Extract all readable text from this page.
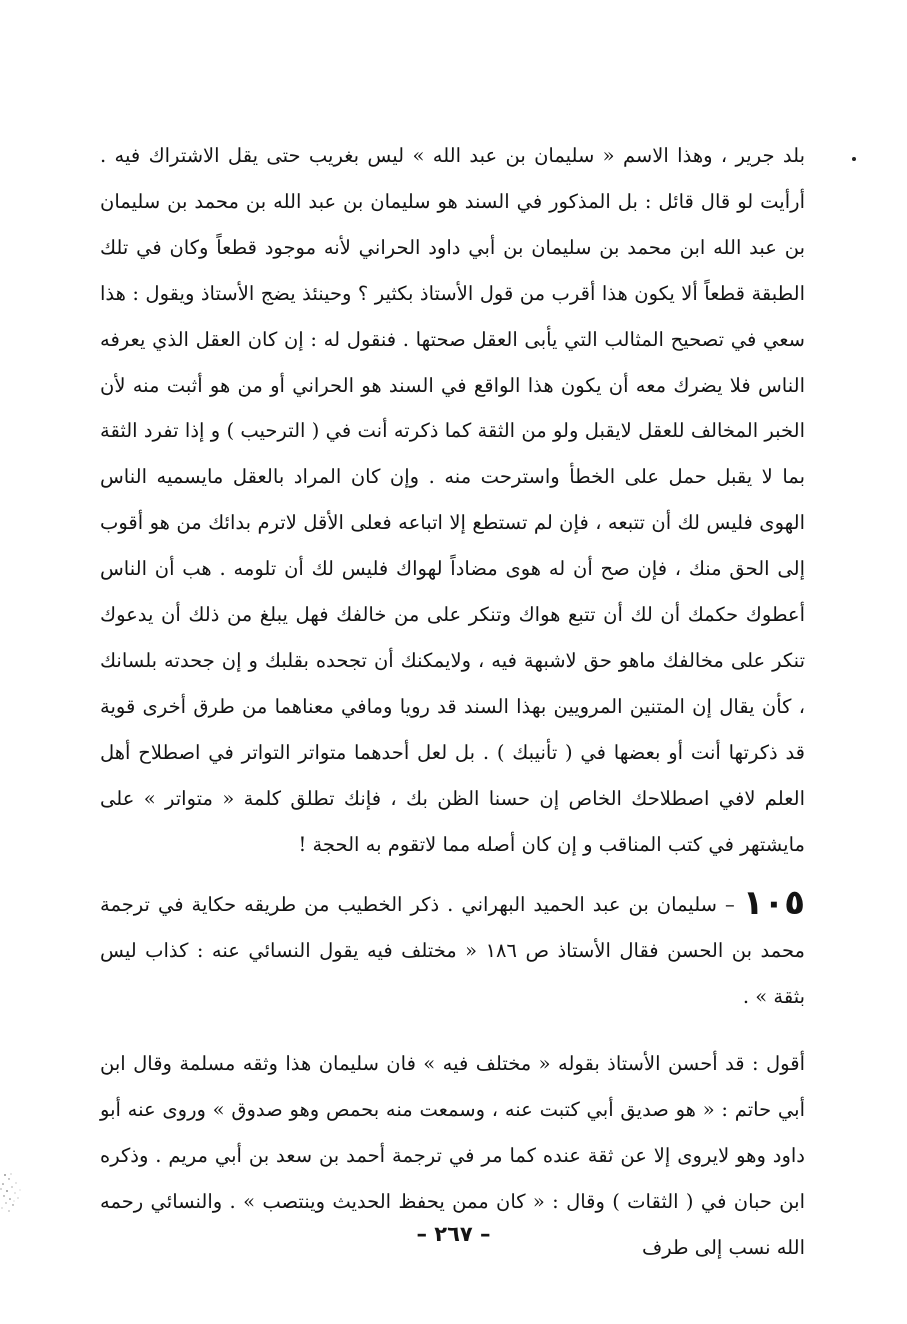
بلد جرير ، وهذا الاسم « سليمان بن عبد الله » ليس بغريب حتى يقل الاشتراك فيه . أرأيت لو قال قائل : بل المذكور في السند هو سليمان بن عبد الله بن محمد بن سليمان بن عبد الله ابن محمد بن سليمان بن أبي داود الحراني لأنه موجود قطعاً وكان في تلك الطبقة قطعاً ألا يكون هذا أقرب من قول الأستاذ بكثير ؟ وحينئذ يضج الأستاذ ويقول : هذا سعي في تصحيح المثالب التي يأبى العقل صحتها . فنقول له : إن كان العقل الذي يعرفه الناس فلا يضرك معه أن يكون هذا الواقع في السند هو الحراني أو من هو أثبت منه لأن الخبر المخالف للعقل لايقبل ولو من الثقة كما ذكرته أنت في ( الترحيب ) و إذا تفرد الثقة بما لا يقبل حمل على الخطأ واسترحت منه . وإن كان المراد بالعقل مايسميه الناس الهوى فليس لك أن تتبعه ، فإن لم تستطع إلا اتباعه فعلى الأقل لاترم بدائك من هو أقوب إلى الحق منك ، فإن صح أن له هوى مضاداً لهواك فليس لك أن تلومه . هب أن الناس أعطوك حكمك أن لك أن تتبع هواك وتنكر على من خالفك فهل يبلغ من ذلك أن يدعوك تنكر على مخالفك ماهو حق لاشبهة فيه ، ولايمكنك أن تجحده بقلبك و إن جحدته بلسانك ، كأن يقال إن المتنين المرويين بهذا السند قد رويا ومافي معناهما من طرق أخرى قوية قد ذكرتها أنت أو بعضها في ( تأنيبك ) . بل لعل أحدهما متواتر التواتر في اصطلاح أهل العلم لافي اصطلاحك الخاص إن حسنا الظن بك ، فإنك تطلق كلمة « متواتر » على مايشتهر في كتب المناقب و إن كان أصله مما لاتقوم به الحجة !

١٠٥– سليمان بن عبد الحميد البهراني . ذكر الخطيب من طريقه حكاية في ترجمة محمد بن الحسن فقال الأستاذ ص ١٨٦ « مختلف فيه يقول النسائي عنه : كذاب ليس بثقة » .

أقول : قد أحسن الأستاذ بقوله « مختلف فيه » فان سليمان هذا وثقه مسلمة وقال ابن أبي حاتم : « هو صديق أبي كتبت عنه ، وسمعت منه بحمص وهو صدوق » وروى عنه أبو داود وهو لايروى إلا عن ثقة عنده كما مر في ترجمة أحمد بن سعد بن أبي مريم . وذكره ابن حبان في ( الثقات ) وقال : « كان ممن يحفظ الحديث وينتصب » . والنسائي رحمه الله نسب إلى طرف

– ٢٦٧ –
